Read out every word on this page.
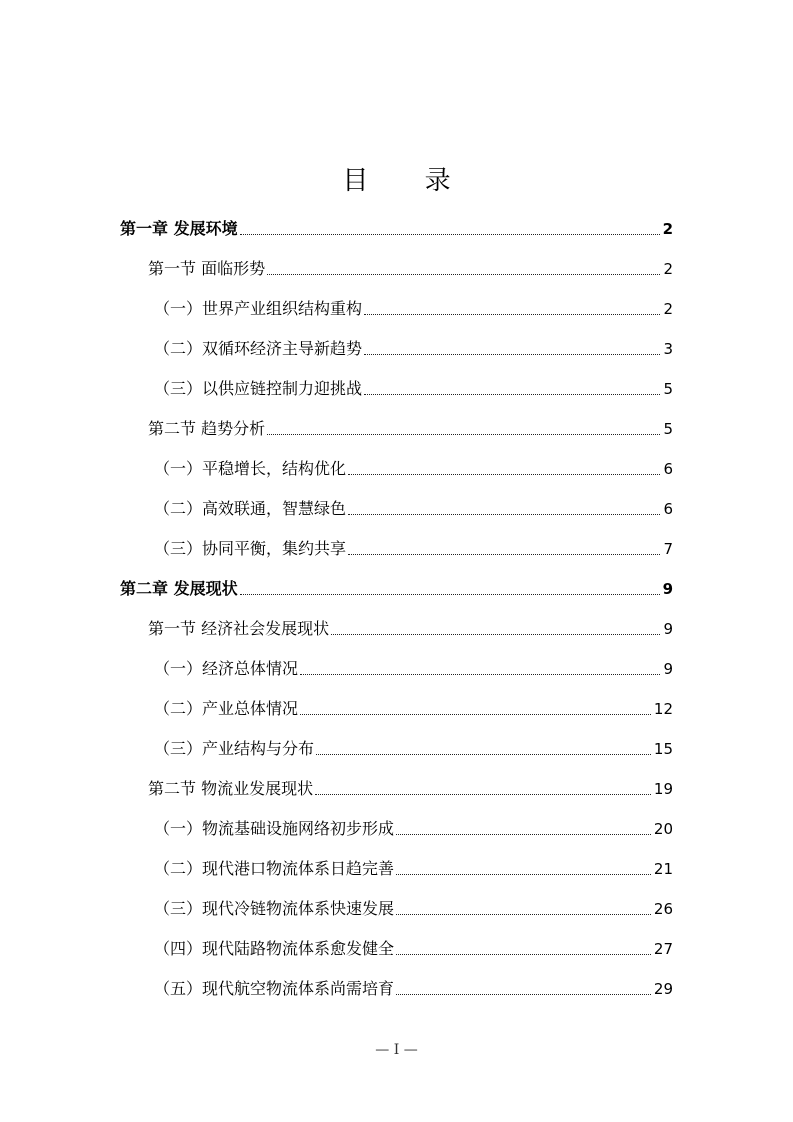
目 录
第一章 发展环境	2
第一节 面临形势	2
（一）世界产业组织结构重构	2
（二）双循环经济主导新趋势	3
（三）以供应链控制力迎挑战	5
第二节 趋势分析	5
（一）平稳增长，结构优化	6
（二）高效联通，智慧绿色	6
（三）协同平衡，集约共享	7
第二章 发展现状	9
第一节 经济社会发展现状	9
（一）经济总体情况	9
（二）产业总体情况	12
（三）产业结构与分布	15
第二节 物流业发展现状	19
（一）物流基础设施网络初步形成	20
（二）现代港口物流体系日趋完善	21
（三）现代冷链物流体系快速发展	26
（四）现代陆路物流体系愈发健全	27
（五）现代航空物流体系尚需培育	29
— I —
